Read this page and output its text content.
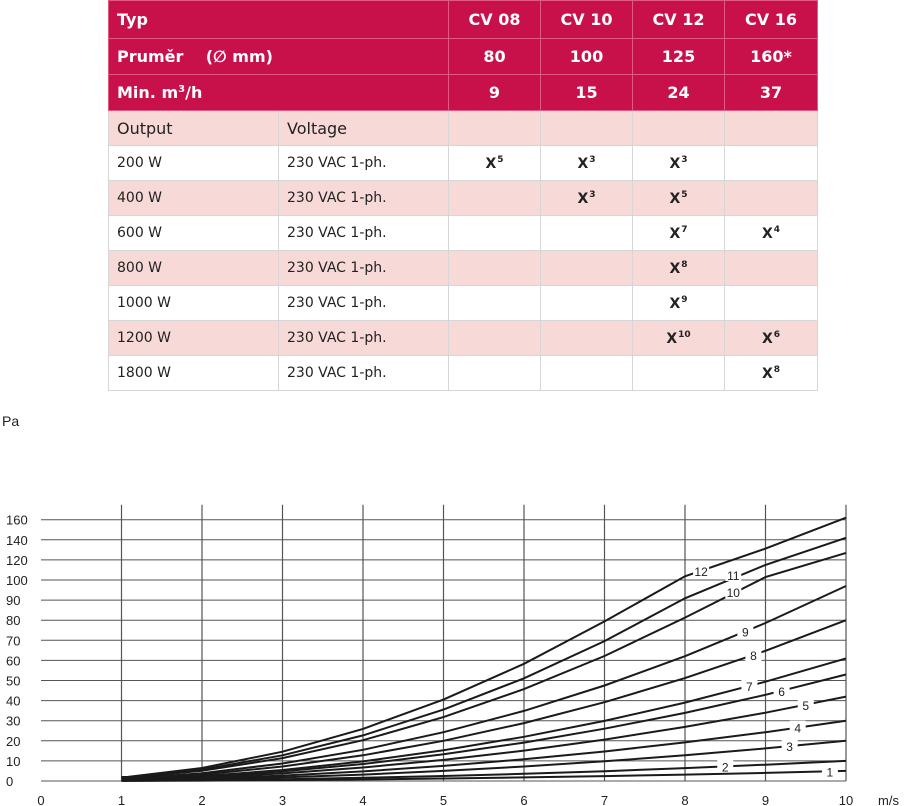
Typ		CV 08	CV 10	CV 12	CV 16
Pruměr    (∅ mm)		80	100	125	160*
Min. $m^3/h$		9	15	24	37
Output	Voltage				
200 W	230 VAC 1-ph.	$X^5$	$X^3$	$X^3$	
400 W	230 VAC 1-ph.		$X^3$	$X^5$	
600 W	230 VAC 1-ph.			$X^7$	$X^4$
800 W	230 VAC 1-ph.			$X^8$	
1000 W	230 VAC 1-ph.			$X^9$	
1200 W	230 VAC 1-ph.			$X^{10}$	$X^6$
1800 W	230 VAC 1-ph.				$X^8$
0
10
20
30
40
50
60
70
80
90
100
120
140
160
0	1	2	3	4	5	6	7	8	9	10
1
2
3
4
5
6
7
8
9
10
11
12
Pa
m/s
